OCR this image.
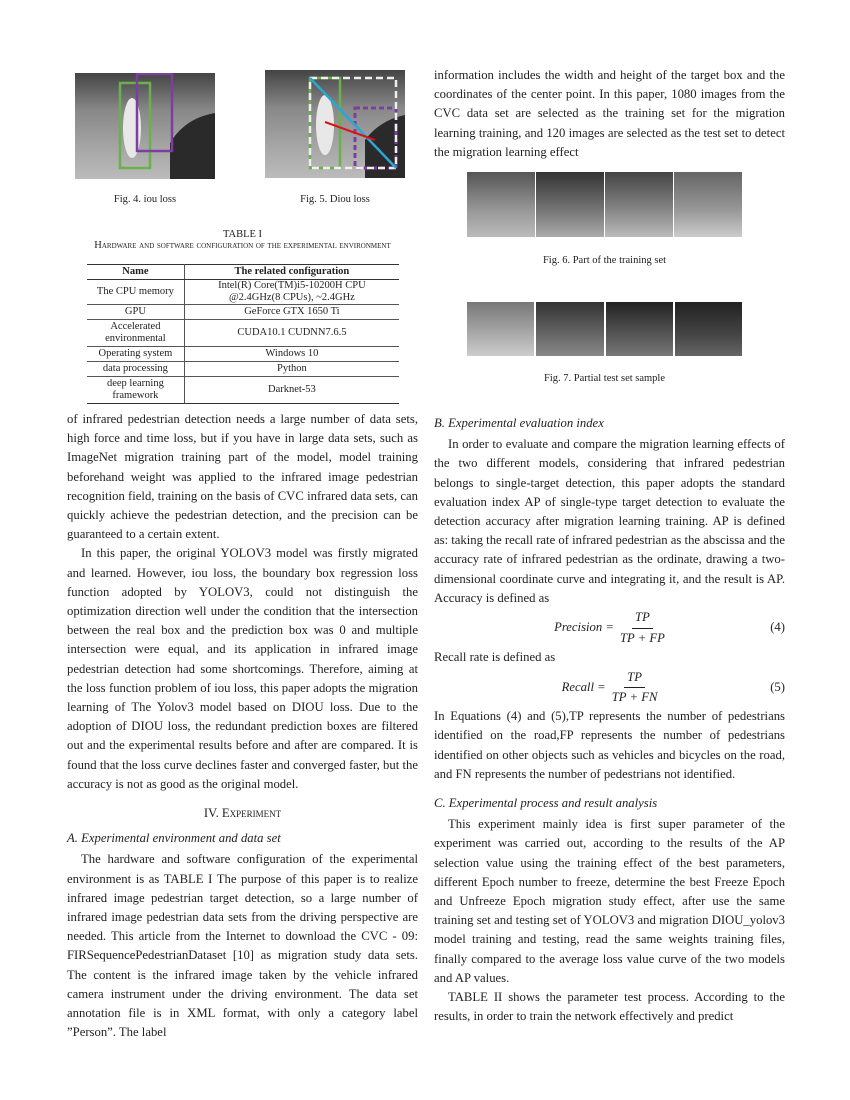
Fig. 4. iou loss	Fig. 5. Diou loss
TABLE I
Hardware and software configuration of the experimental environment
Name	The related configuration
The CPU memory	Intel(R) Core(TM)i5-10200H CPU @2.4GHz(8 CPUs), ~2.4GHz
GPU	GeForce GTX 1650 Ti
Accelerated environmental	CUDA10.1 CUDNN7.6.5
Operating system	Windows 10
data processing	Python
deep learning framework	Darknet-53

of infrared pedestrian detection needs a large number of data sets, high force and time loss, but if you have in large data sets, such as ImageNet migration training part of the model, model training beforehand weight was applied to the infrared image pedestrian recognition field, training on the basis of CVC infrared data sets, can quickly achieve the pedestrian detection, and the precision can be guaranteed to a certain extent.

In this paper, the original YOLOV3 model was firstly migrated and learned. However, iou loss, the boundary box regression loss function adopted by YOLOV3, could not distinguish the optimization direction well under the condition that the intersection between the real box and the prediction box was 0 and multiple intersection were equal, and its application in infrared image pedestrian detection had some shortcomings. Therefore, aiming at the loss function problem of iou loss, this paper adopts the migration learning of The Yolov3 model based on DIOU loss. Due to the adoption of DIOU loss, the redundant prediction boxes are filtered out and the experimental results before and after are compared. It is found that the loss curve declines faster and converged faster, but the accuracy is not as good as the original model.

IV. Experiment
A. Experimental environment and data set

The hardware and software configuration of the experimental environment is as TABLE I The purpose of this paper is to realize infrared image pedestrian target detection, so a large number of infrared image pedestrian data sets from the driving perspective are needed. This article from the Internet to download the CVC - 09: FIRSequencePedestrianDataset [10] as migration study data sets. The content is the infrared image taken by the vehicle infrared camera instrument under the driving environment. The data set annotation file is in XML format, with only a category label ”Person”. The label

information includes the width and height of the target box and the coordinates of the center point. In this paper, 1080 images from the CVC data set are selected as the training set for the migration learning training, and 120 images are selected as the test set to detect the migration learning effect

Fig. 6. Part of the training set
Fig. 7. Partial test set sample
B. Experimental evaluation index

In order to evaluate and compare the migration learning effects of the two different models, considering that infrared pedestrian belongs to single-target detection, this paper adopts the standard evaluation index AP of single-type target detection to evaluate the detection accuracy after migration learning training. AP is defined as: taking the recall rate of infrared pedestrian as the abscissa and the accuracy rate of infrared pedestrian as the ordinate, drawing a two-dimensional coordinate curve and integrating it, and the result is AP. Accuracy is defined as

Precision = $\frac{TP}{TP + FP}$	(4)

Recall rate is defined as

Recall = $\frac{TP}{TP + FN}$	(5)

In Equations (4) and (5),TP represents the number of pedestrians identified on the road,FP represents the number of pedestrians identified on other objects such as vehicles and bicycles on the road, and FN represents the number of pedestrians not identified.

C. Experimental process and result analysis

This experiment mainly idea is first super parameter of the experiment was carried out, according to the results of the AP selection value using the training effect of the best parameters, different Epoch number to freeze, determine the best Freeze Epoch and Unfreeze Epoch migration study effect, after use the same training set and testing set of YOLOV3 and migration DIOU_yolov3 model training and testing, read the same weights training files, finally compared to the average loss value curve of the two models and AP values.

TABLE II shows the parameter test process. According to the results, in order to train the network effectively and predict
